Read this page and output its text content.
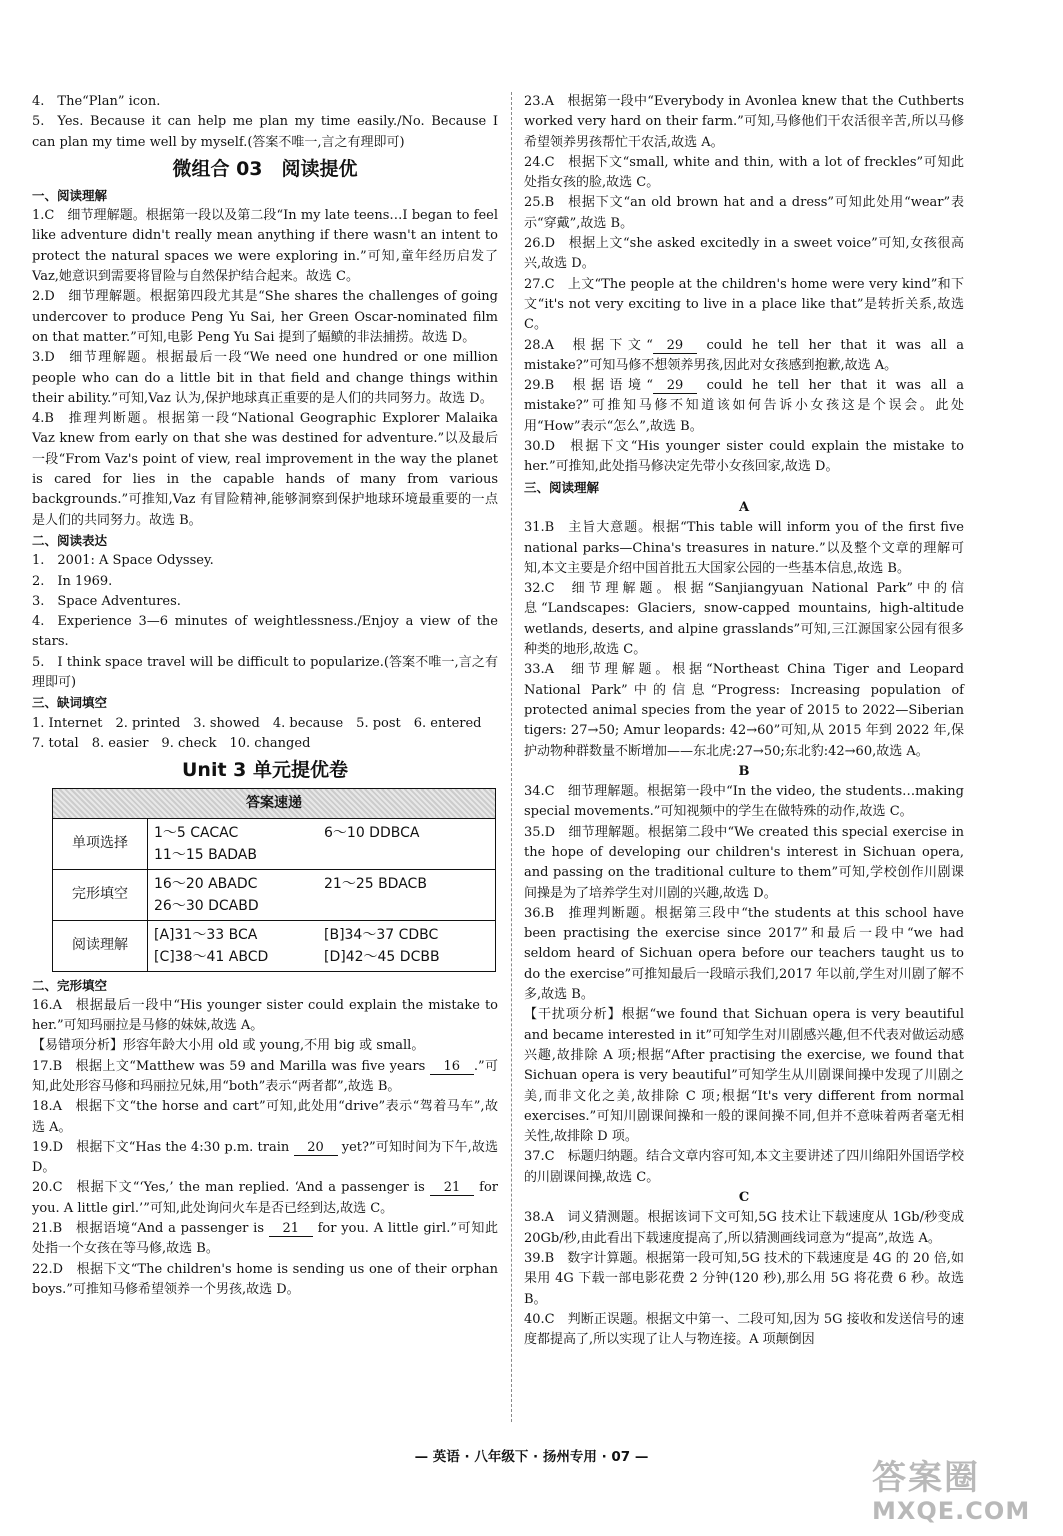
4.  The“Plan” icon.
5.  Yes. Because it can help me plan my time easily./No. Because I can plan my time well by myself.(答案不唯一,言之有理即可)
微组合 03　阅读提优
一、阅读理解
1.C  细节理解题。根据第一段以及第二段“In my late teens…I began to feel like adventure didn't really mean anything if there wasn't an intent to protect the natural spaces we were exploring in.”可知,童年经历启发了 Vaz,她意识到需要将冒险与自然保护结合起来。故选 C。
2.D  细节理解题。根据第四段尤其是“She shares the challenges of going undercover to produce Peng Yu Sai, her Green Oscar-nominated film on that matter.”可知,电影 Peng Yu Sai 提到了蝠鲼的非法捕捞。故选 D。
3.D  细节理解题。根据最后一段“We need one hundred or one million people who can do a little bit in that field and change things within their ability.”可知,Vaz 认为,保护地球真正重要的是人们的共同努力。故选 D。
4.B  推理判断题。根据第一段“National Geographic Explorer Malaika Vaz knew from early on that she was destined for adventure.”以及最后一段“From Vaz's point of view, real improvement in the way the planet is cared for lies in the capable hands of many from various backgrounds.”可推知,Vaz 有冒险精神,能够洞察到保护地球环境最重要的一点是人们的共同努力。故选 B。
二、阅读表达
1.  2001: A Space Odyssey.
2.  In 1969.
3.  Space Adventures.
4.  Experience 3—6 minutes of weightlessness./Enjoy a view of the stars.
5.  I think space travel will be difficult to popularize.(答案不唯一,言之有理即可)
三、缺词填空
1. Internet　2. printed　3. showed　4. because　5. post　6. entered
7. total　8. easier　9. check　10. changed
Unit 3 单元提优卷
答案速递	
单项选择	1～5 CACAC 6～10 DDBCA
11～15 BADAB

完形填空	16～20 ABADC 21～25 BDACB
26～30 DCABD

阅读理解	[A]31～33 BCA [B]34～37 CDBC
[C]38～41 ABCD [D]42～45 DCBB
二、完形填空
16.A  根据最后一段中“His younger sister could explain the mistake to her.”可知玛丽拉是马修的妹妹,故选 A。
【易错项分析】形容年龄大小用 old 或 young,不用 big 或 small。
17.B  根据上文“Matthew was 59 and Marilla was five years 16 .”可知,此处形容马修和玛丽拉兄妹,用“both”表示“两者都”,故选 B。
18.A  根据下文“the horse and cart”可知,此处用“drive”表示“驾着马车”,故选 A。
19.D  根据下文“Has the 4:30 p.m. train 20 yet?”可知时间为下午,故选 D。
20.C  根据下文“‘Yes,’ the man replied. ‘And a passenger is 21 for you. A little girl.’”可知,此处询问火车是否已经到达,故选 C。
21.B  根据语境“And a passenger is 21 for you. A little girl.”可知此处指一个女孩在等马修,故选 B。
22.D  根据下文“The children's home is sending us one of their orphan boys.”可推知马修希望领养一个男孩,故选 D。
23.A  根据第一段中“Everybody in Avonlea knew that the Cuthberts worked very hard on their farm.”可知,马修他们干农活很辛苦,所以马修希望领养男孩帮忙干农活,故选 A。
24.C  根据下文“small, white and thin, with a lot of freckles”可知此处指女孩的脸,故选 C。
25.B  根据下文“an old brown hat and a dress”可知此处用“wear”表示“穿戴”,故选 B。
26.D  根据上文“she asked excitedly in a sweet voice”可知,女孩很高兴,故选 D。
27.C  上文“The people at the children's home were very kind”和下文“it's not very exciting to live in a place like that”是转折关系,故选 C。
28.A  根据下文“ 29 could he tell her that it was all a mistake?”可知马修不想领养男孩,因此对女孩感到抱歉,故选 A。
29.B  根据语境“ 29 could he tell her that it was all a mistake?”可推知马修不知道该如何告诉小女孩这是个误会。此处用“How”表示“怎么”,故选 B。
30.D  根据下文“His younger sister could explain the mistake to her.”可推知,此处指马修决定先带小女孩回家,故选 D。
三、阅读理解
A
31.B  主旨大意题。根据“This table will inform you of the first five national parks—China's treasures in nature.”以及整个文章的理解可知,本文主要是介绍中国首批五大国家公园的一些基本信息,故选 B。
32.C  细节理解题。根据“Sanjiangyuan National Park”中的信息“Landscapes: Glaciers, snow-capped mountains, high-altitude wetlands, deserts, and alpine grasslands”可知,三江源国家公园有很多种类的地形,故选 C。
33.A  细节理解题。根据“Northeast China Tiger and Leopard National Park”中的信息“Progress: Increasing population of protected animal species from the year of 2015 to 2022—Siberian tigers: 27→50; Amur leopards: 42→60”可知,从 2015 年到 2022 年,保护动物种群数量不断增加——东北虎:27→50;东北豹:42→60,故选 A。
B
34.C  细节理解题。根据第一段中“In the video, the students…making special movements.”可知视频中的学生在做特殊的动作,故选 C。
35.D  细节理解题。根据第二段中“We created this special exercise in the hope of developing our children's interest in Sichuan opera, and passing on the traditional culture to them”可知,学校创作川剧课间操是为了培养学生对川剧的兴趣,故选 D。
36.B  推理判断题。根据第三段中“the students at this school have been practising the exercise since 2017”和最后一段中“we had seldom heard of Sichuan opera before our teachers taught us to do the exercise”可推知最后一段暗示我们,2017 年以前,学生对川剧了解不多,故选 B。
【干扰项分析】根据“we found that Sichuan opera is very beautiful and became interested in it”可知学生对川剧感兴趣,但不代表对做运动感兴趣,故排除 A 项;根据“After practising the exercise, we found that Sichuan opera is very beautiful”可知学生从川剧课间操中发现了川剧之美,而非文化之美,故排除 C 项;根据“It's very different from normal exercises.”可知川剧课间操和一般的课间操不同,但并不意味着两者毫无相关性,故排除 D 项。
37.C  标题归纳题。结合文章内容可知,本文主要讲述了四川绵阳外国语学校的川剧课间操,故选 C。
C
38.A  词义猜测题。根据该词下文可知,5G 技术让下载速度从 1Gb/秒变成 20Gb/秒,由此看出下载速度提高了,所以猜测画线词意为“提高”,故选 A。
39.B  数字计算题。根据第一段可知,5G 技术的下载速度是 4G 的 20 倍,如果用 4G 下载一部电影花费 2 分钟(120 秒),那么用 5G 将花费 6 秒。故选 B。
40.C  判断正误题。根据文中第一、二段可知,因为 5G 接收和发送信号的速度都提高了,所以实现了让人与物连接。A 项颠倒因
— 英语 · 八年级下 · 扬州专用 · 07 —
答案圈
MXQE.COM
